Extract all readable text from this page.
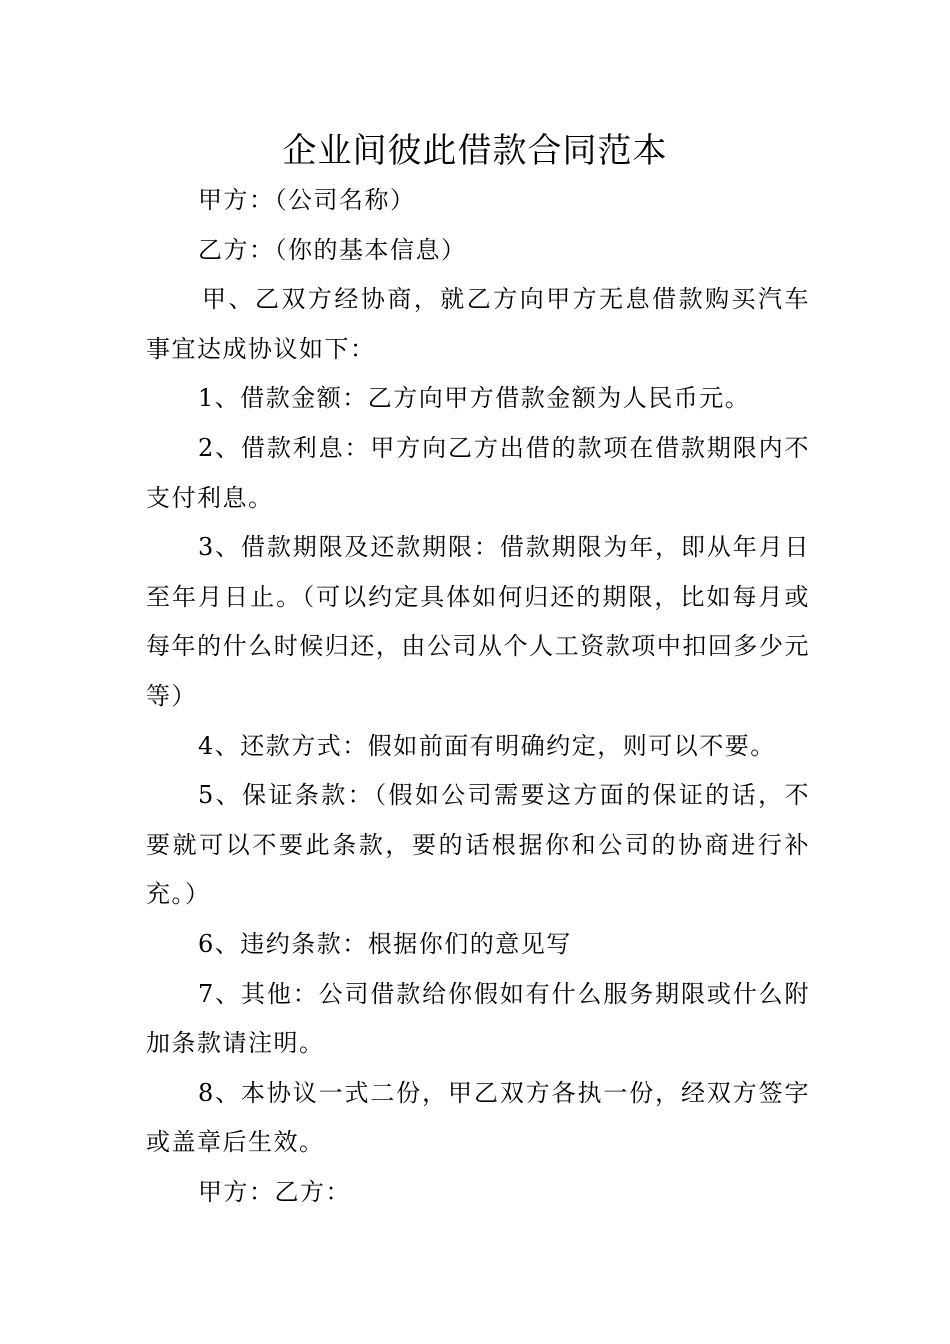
企业间彼此借款合同范本

甲方：（公司名称）

乙方：（你的基本信息）

甲、乙双方经协商，就乙方向甲方无息借款购买汽车事宜达成协议如下：

1、借款金额：乙方向甲方借款金额为人民币元。

2、借款利息：甲方向乙方出借的款项在借款期限内不支付利息。

3、借款期限及还款期限：借款期限为年，即从年月日至年月日止。（可以约定具体如何归还的期限，比如每月或每年的什么时候归还，由公司从个人工资款项中扣回多少元等）

4、还款方式：假如前面有明确约定，则可以不要。

5、保证条款：（假如公司需要这方面的保证的话，不要就可以不要此条款，要的话根据你和公司的协商进行补充。）

6、违约条款：根据你们的意见写

7、其他：公司借款给你假如有什么服务期限或什么附加条款请注明。

8、本协议一式二份，甲乙双方各执一份，经双方签字或盖章后生效。

甲方：乙方：
